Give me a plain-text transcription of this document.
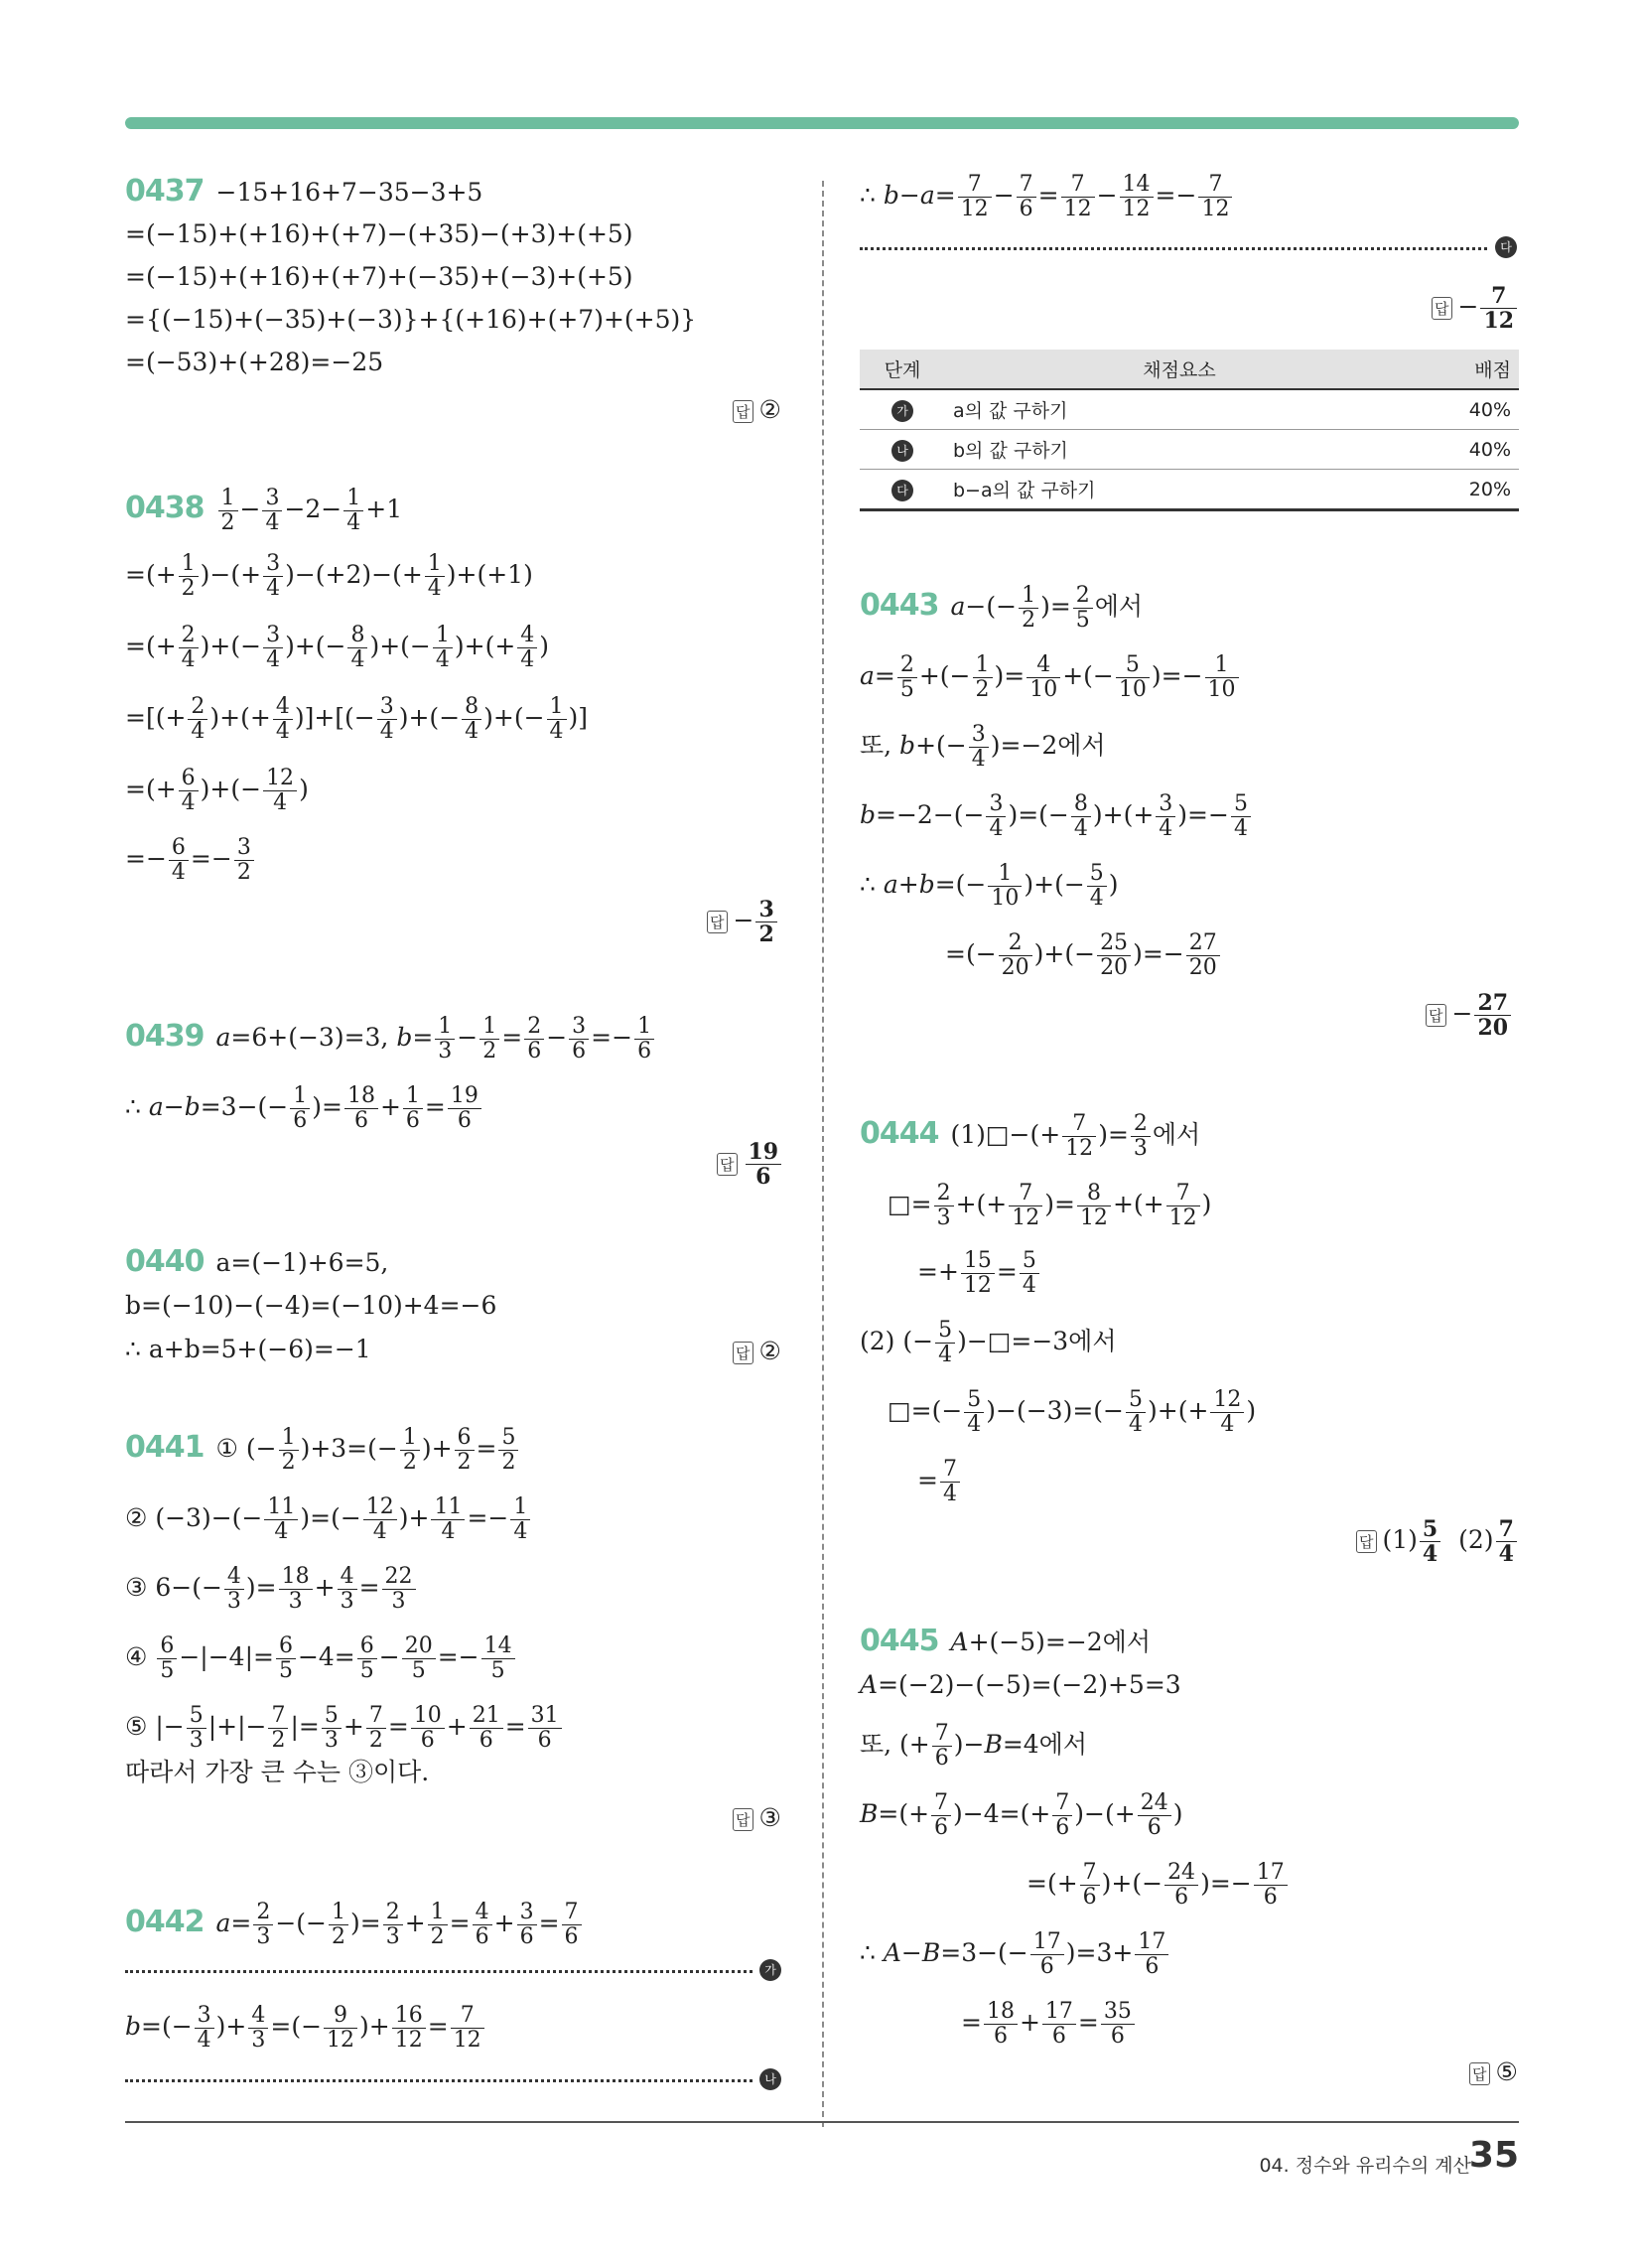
0437 −15+16+7−35−3+5
=(−15)+(+16)+(+7)−(+35)−(+3)+(+5)
=(−15)+(+16)+(+7)+(−35)+(−3)+(+5)
={(−15)+(−35)+(−3)}+{(+16)+(+7)+(+5)}
=(−53)+(+28)=−25
답 ②
$0438 \frac{1}{2} - \frac{3}{4} -2- \frac{1}{4} +1$
=(+ $\frac{1}{2}$ )−(+ $\frac{3}{4} )-(+2)-(+ \frac{1}{4} )+(+1)$
=(+ $\frac{2}{4}$ )+(− $\frac{3}{4}$ )+(− $\frac{8}{4}$ )+(− $\frac{1}{4}$ )+(+ $\frac{4}{4}$ )
=[(+ $\frac{2}{4}$ )+(+ $\frac{4}{4}$ )]+[(− $\frac{3}{4}$ )+(− $\frac{8}{4}$ )+(− $\frac{1}{4}$ )]
=(+ $\frac{6}{4}$ )+(− $\frac{12}{4}$ )
=− $\frac{6}{4} =- \frac{3}{2}$
답 − $\frac{3}{2}$
0439 a=6+(−3)=3, $b= \frac{1}{3} - \frac{1}{2} = \frac{2}{6} - \frac{3}{6} =- \frac{1}{6}$
∴ $a-b=3-(- \frac{1}{6}$ )= $\frac{18}{6} + \frac{1}{6} = \frac{19}{6}$
답 $\frac{19}{6}$
0440 a=(−1)+6=5,
b=(−10)−(−4)=(−10)+4=−6
∴ a+b=5+(−6)=−1	답 ②
0441 ① (− $\frac{1}{2} )+3=(- \frac{1}{2}$ )+ $\frac{6}{2} = \frac{5}{2}$
② $(-3)-(- \frac{11}{4}$ )=(− $\frac{12}{4}$ )+ $\frac{11}{4} =- \frac{1}{4}$
③ $6-(- \frac{4}{3}$ )= $\frac{18}{3} + \frac{4}{3} = \frac{22}{3}$
④ $\frac{6}{5} -|-4|= \frac{6}{5} -4= \frac{6}{5} - \frac{20}{5} =- \frac{14}{5}$
⑤ |− $\frac{5}{3}$ |+|− $\frac{7}{2}$ |= $\frac{5}{3} + \frac{7}{2} = \frac{10}{6} + \frac{21}{6} = \frac{31}{6}$
따라서 가장 큰 수는 ③이다.
답 ③
0442 $a= \frac{2}{3}$ −(− $\frac{1}{2}$ )= $\frac{2}{3} + \frac{1}{2} = \frac{4}{6} + \frac{3}{6} = \frac{7}{6}$
가
$b=(- \frac{3}{4}$ )+ $\frac{4}{3}$ =(− $\frac{9}{12}$ )+ $\frac{16}{12} = \frac{7}{12}$
나
∴ $b-a= \frac{7}{12} - \frac{7}{6} = \frac{7}{12} - \frac{14}{12} =- \frac{7}{12}$
다
답 − $\frac{7}{12}$
단계	채점요소	배점
가	a의 값 구하기	40%
나	b의 값 구하기	40%
다	b−a의 값 구하기	20%
0443 $a-(- \frac{1}{2}$ )= $\frac{2}{5}$ 에서
$a= \frac{2}{5}$ +(− $\frac{1}{2}$ )= $\frac{4}{10}$ +(− $\frac{5}{10}$ )=− $\frac{1}{10}$
또, $b+(- \frac{3}{4} )=-2$에서
$b=-2-(- \frac{3}{4}$ )=(− $\frac{8}{4}$ )+(+ $\frac{3}{4}$ )=− $\frac{5}{4}$
∴ $a+b=(- \frac{1}{10}$ )+(− $\frac{5}{4}$ )
=(− $\frac{2}{20}$ )+(− $\frac{25}{20}$ )=− $\frac{27}{20}$
답 − $\frac{27}{20}$
0444 (1)□−(+ $\frac{7}{12}$ )= $\frac{2}{3}$ 에서
□= $\frac{2}{3}$ +(+ $\frac{7}{12}$ )= $\frac{8}{12}$ +(+ $\frac{7}{12}$ )
=+ $\frac{15}{12} = \frac{5}{4}$
(2) (− $\frac{5}{4}$ )−□=−3에서
□=(− $\frac{5}{4} )-(-3)=(- \frac{5}{4}$ )+(+ $\frac{12}{4}$ )
= $\frac{7}{4}$
답 $(1) \frac{5}{4} (2) \frac{7}{4}$
0445 A+(−5)=−2에서
A=(−2)−(−5)=(−2)+5=3
또, (+ $\frac{7}{6} )-B=4$에서
$B=(+ \frac{7}{6} )-4=(+ \frac{7}{6}$ )−(+ $\frac{24}{6}$ )
=(+ $\frac{7}{6}$ )+(− $\frac{24}{6}$ )=− $\frac{17}{6}$
∴ $A-B=3-(- \frac{17}{6} )=3+ \frac{17}{6}$
= $\frac{18}{6} + \frac{17}{6} = \frac{35}{6}$
답 ⑤
04. 정수와 유리수의 계산
35
